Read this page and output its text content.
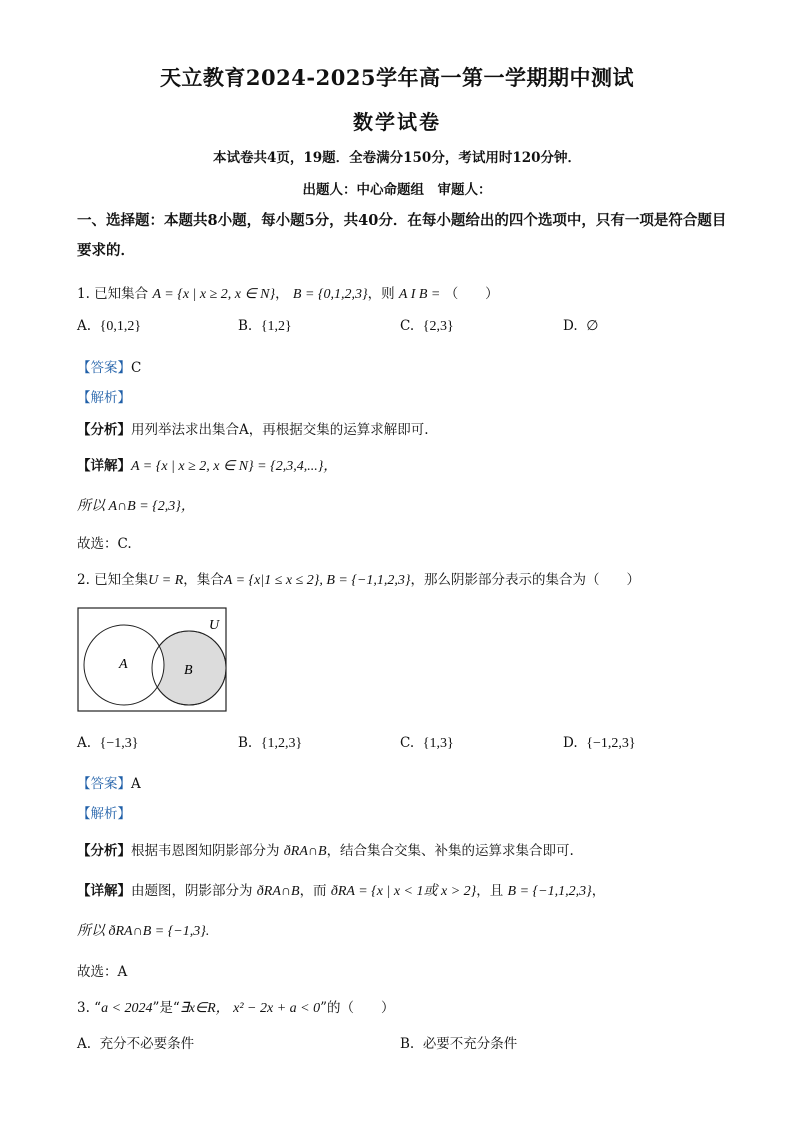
天立教育2024-2025学年高一第一学期期中测试
数学试卷
本试卷共4页，19题．全卷满分150分，考试用时120分钟．
出题人：中心命题组　审题人：
一、选择题：本题共8小题，每小题5分，共40分．在每小题给出的四个选项中，只有一项是符合题目要求的．
1. 已知集合 A = {x | x ≥ 2, x ∈ N}， B = {0,1,2,3}，则 A I B = （　　）
A. {0,1,2}	B. {1,2}	C. {2,3}	D. ∅
【答案】C
【解析】
【分析】用列举法求出集合A，再根据交集的运算求解即可.
【详解】A = {x | x ≥ 2, x ∈ N} = {2,3,4,...}，
所以 A∩B = {2,3}，
故选：C.
2. 已知全集U = R，集合A = {x|1 ≤ x ≤ 2}, B = {−1,1,2,3}，那么阴影部分表示的集合为（　　）
U
A	B
A. {−1,3}	B. {1,2,3}	C. {1,3}	D. {−1,2,3}
【答案】A
【解析】
【分析】根据韦恩图知阴影部分为 ðRA∩B，结合集合交集、补集的运算求集合即可.
【详解】由题图，阴影部分为 ðRA∩B，而 ðRA = {x | x < 1或 x > 2}，且 B = {−1,1,2,3}，
所以 ðRA∩B = {−1,3}.
故选：A
3. “a < 2024”是“∃x∈R， x² − 2x + a < 0”的（　　）
A. 充分不必要条件	B. 必要不充分条件
